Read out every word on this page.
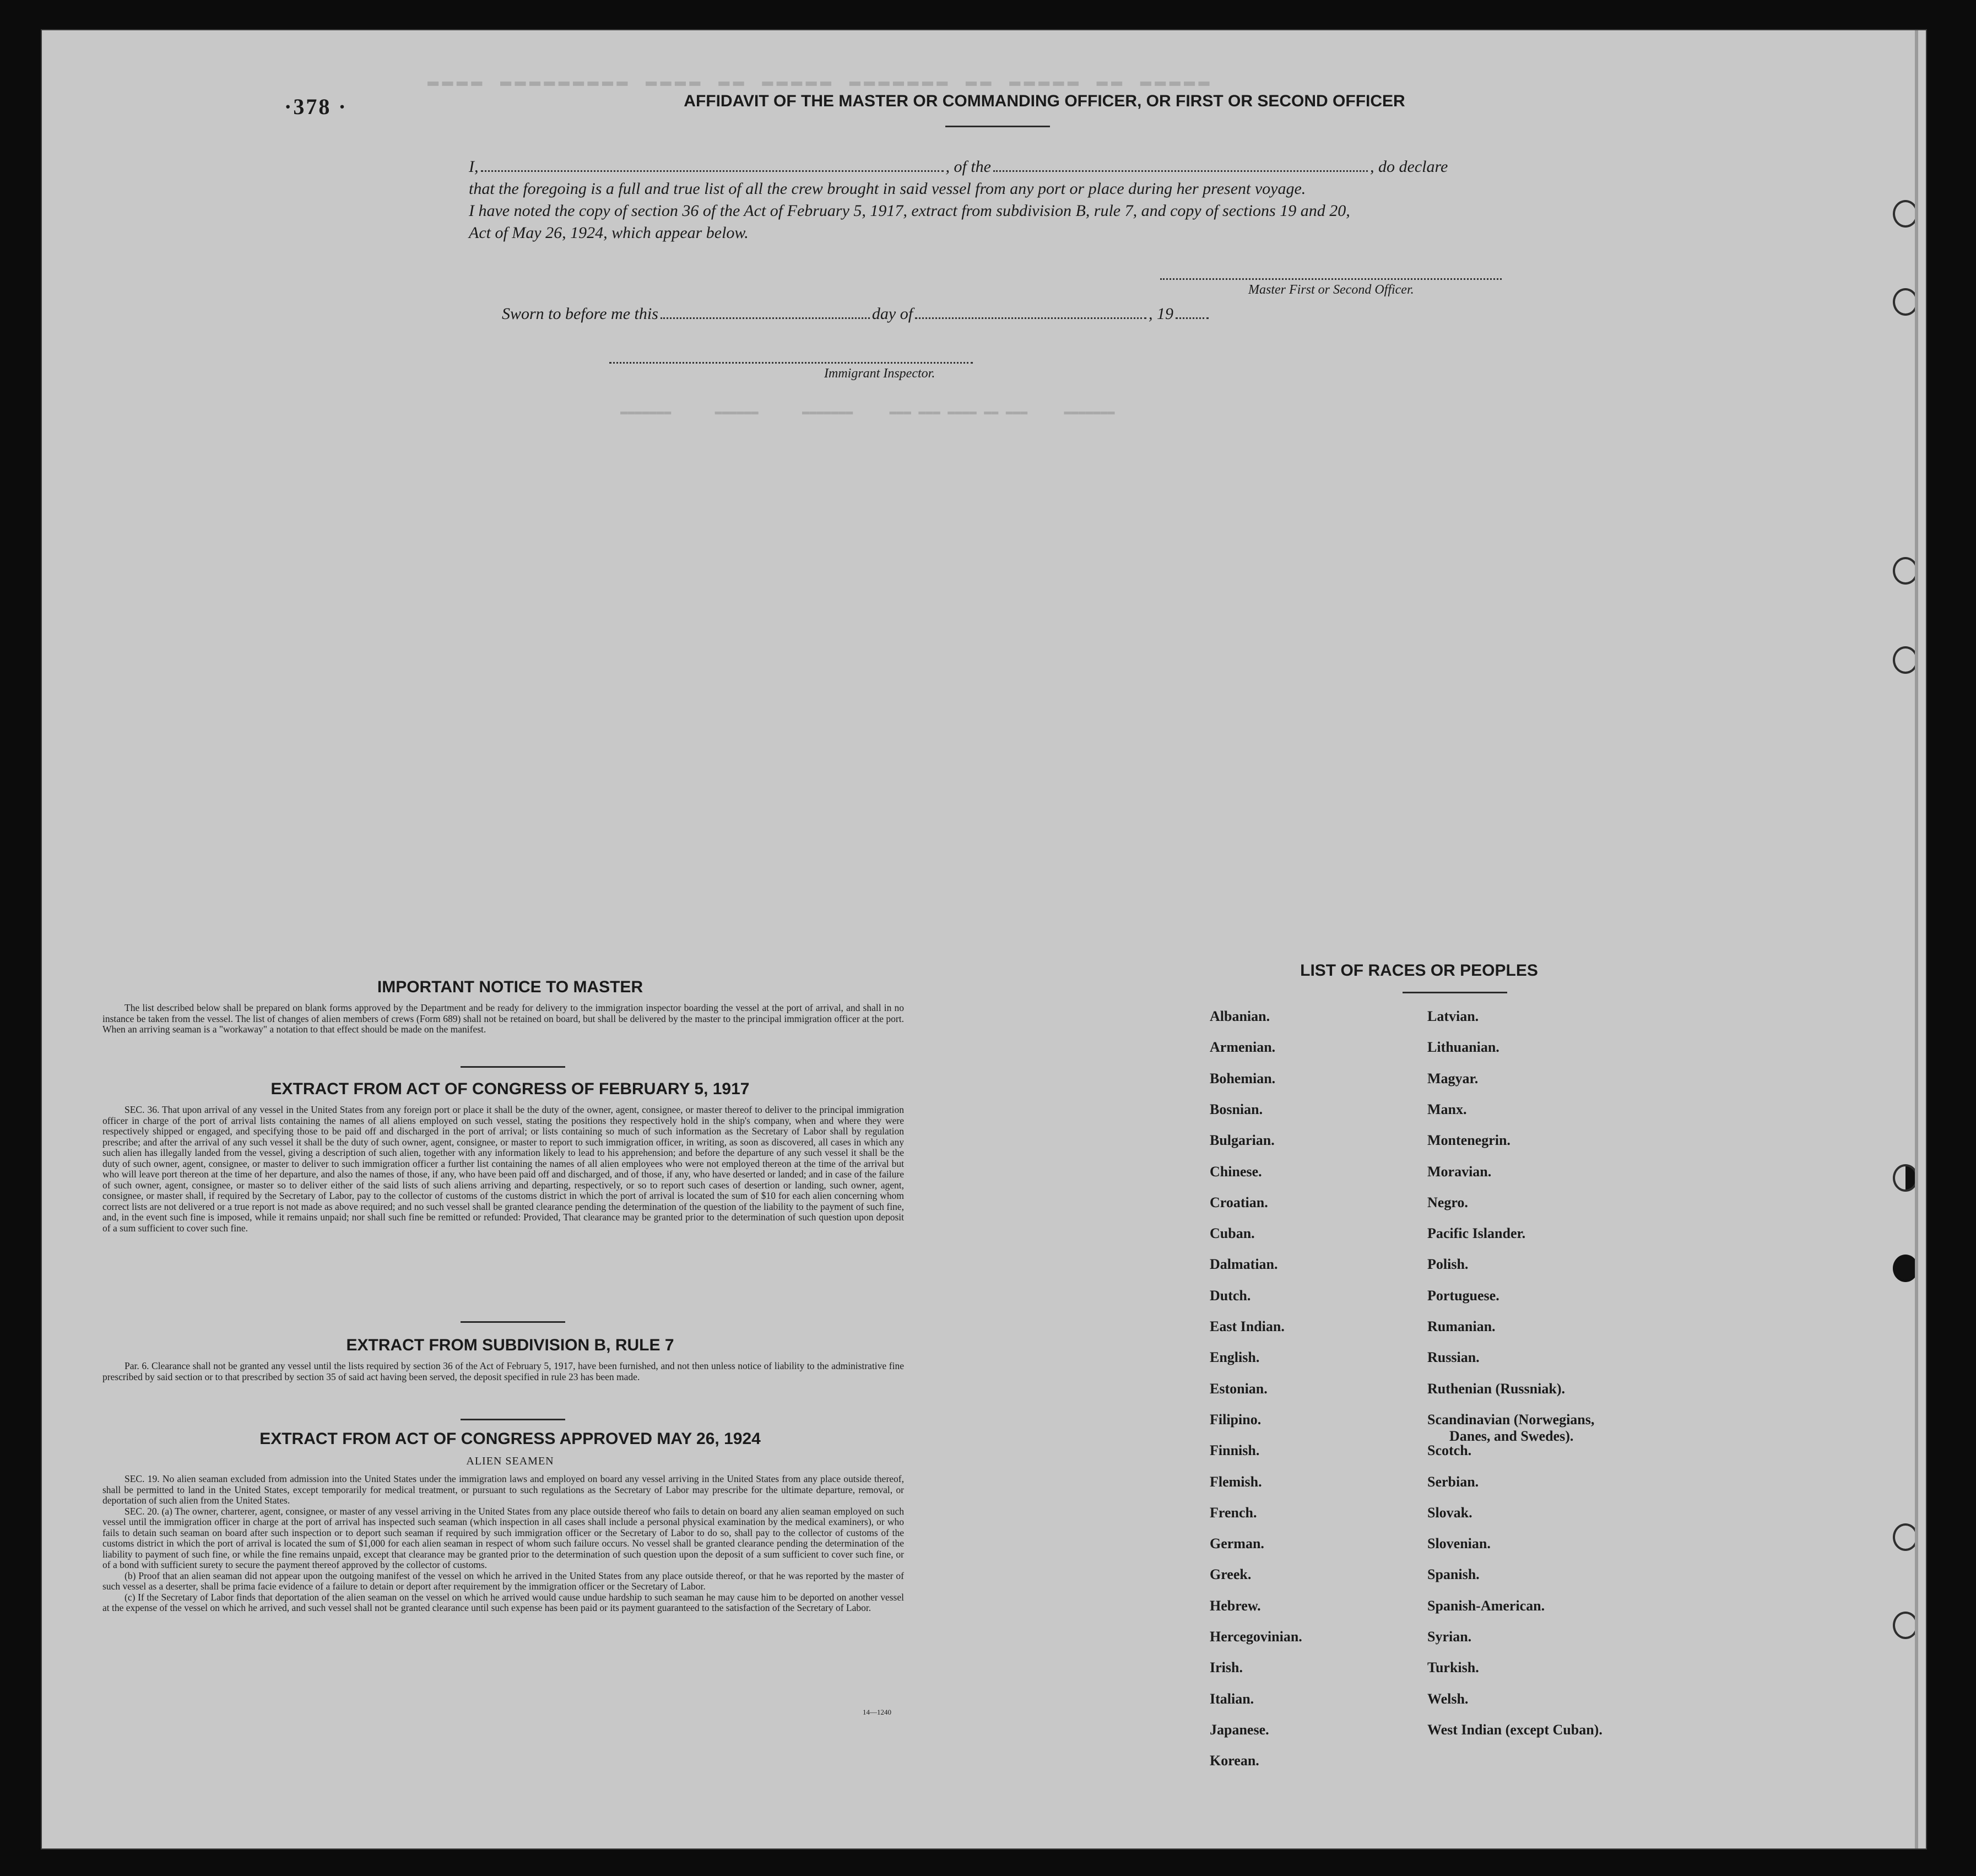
▬▬▬▬ ▬▬▬▬▬▬▬▬▬ ▬▬▬▬ ▬▬ ▬▬▬▬▬ ▬▬▬▬▬▬▬ ▬▬ ▬▬▬▬▬ ▬▬ ▬▬▬▬▬
▬▬▬▬▬▬▬      ▬▬▬▬▬▬      ▬▬▬▬▬▬▬     ▬▬▬ ▬▬▬ ▬▬▬▬ ▬▬ ▬▬▬     ▬▬▬▬▬▬▬
·378 ·	AFFIDAVIT OF THE MASTER OR COMMANDING OFFICER, OR FIRST OR SECOND OFFICER
I,	, of the	, do declare
that the foregoing is a full and true list of all the crew brought in said vessel from any port or place during her present voyage.
I have noted the copy of section 36 of the Act of February 5, 1917, extract from subdivision B, rule 7, and copy of sections 19 and 20,
Act of May 26, 1924, which appear below.
Master First or Second Officer.
Sworn to before me this	day of	, 19
Immigrant Inspector.
IMPORTANT NOTICE TO MASTER

The list described below shall be prepared on blank forms approved by the Department and be ready for delivery to the immigration inspector boarding the vessel at the port of arrival, and shall in no instance be taken from the vessel. The list of changes of alien members of crews (Form 689) shall not be retained on board, but shall be delivered by the master to the principal immigration officer at the port. When an arriving seaman is a "workaway" a notation to that effect should be made on the manifest.

EXTRACT FROM ACT OF CONGRESS OF FEBRUARY 5, 1917

SEC. 36. That upon arrival of any vessel in the United States from any foreign port or place it shall be the duty of the owner, agent, consignee, or master thereof to deliver to the principal immigration officer in charge of the port of arrival lists containing the names of all aliens employed on such vessel, stating the positions they respectively hold in the ship's company, when and where they were respectively shipped or engaged, and specifying those to be paid off and discharged in the port of arrival; or lists containing so much of such information as the Secretary of Labor shall by regulation prescribe; and after the arrival of any such vessel it shall be the duty of such owner, agent, consignee, or master to report to such immigration officer, in writing, as soon as discovered, all cases in which any such alien has illegally landed from the vessel, giving a description of such alien, together with any information likely to lead to his apprehension; and before the departure of any such vessel it shall be the duty of such owner, agent, consignee, or master to deliver to such immigration officer a further list containing the names of all alien employees who were not employed thereon at the time of the arrival but who will leave port thereon at the time of her departure, and also the names of those, if any, who have been paid off and discharged, and of those, if any, who have deserted or landed; and in case of the failure of such owner, agent, consignee, or master so to deliver either of the said lists of such aliens arriving and departing, respectively, or so to report such cases of desertion or landing, such owner, agent, consignee, or master shall, if required by the Secretary of Labor, pay to the collector of customs of the customs district in which the port of arrival is located the sum of $10 for each alien concerning whom correct lists are not delivered or a true report is not made as above required; and no such vessel shall be granted clearance pending the determination of the question of the liability to the payment of such fine, and, in the event such fine is imposed, while it remains unpaid; nor shall such fine be remitted or refunded: Provided, That clearance may be granted prior to the determination of such question upon deposit of a sum sufficient to cover such fine.

EXTRACT FROM SUBDIVISION B, RULE 7

Par. 6. Clearance shall not be granted any vessel until the lists required by section 36 of the Act of February 5, 1917, have been furnished, and not then unless notice of liability to the administrative fine prescribed by said section or to that prescribed by section 35 of said act having been served, the deposit specified in rule 23 has been made.

EXTRACT FROM ACT OF CONGRESS APPROVED MAY 26, 1924
ALIEN SEAMEN

SEC. 19. No alien seaman excluded from admission into the United States under the immigration laws and employed on board any vessel arriving in the United States from any place outside thereof, shall be permitted to land in the United States, except temporarily for medical treatment, or pursuant to such regulations as the Secretary of Labor may prescribe for the ultimate departure, removal, or deportation of such alien from the United States.

SEC. 20. (a) The owner, charterer, agent, consignee, or master of any vessel arriving in the United States from any place outside thereof who fails to detain on board any alien seaman employed on such vessel until the immigration officer in charge at the port of arrival has inspected such seaman (which inspection in all cases shall include a personal physical examination by the medical examiners), or who fails to detain such seaman on board after such inspection or to deport such seaman if required by such immigration officer or the Secretary of Labor to do so, shall pay to the collector of customs of the customs district in which the port of arrival is located the sum of $1,000 for each alien seaman in respect of whom such failure occurs. No vessel shall be granted clearance pending the determination of the liability to payment of such fine, or while the fine remains unpaid, except that clearance may be granted prior to the determination of such question upon the deposit of a sum sufficient to cover such fine, or of a bond with sufficient surety to secure the payment thereof approved by the collector of customs.

(b) Proof that an alien seaman did not appear upon the outgoing manifest of the vessel on which he arrived in the United States from any place outside thereof, or that he was reported by the master of such vessel as a deserter, shall be prima facie evidence of a failure to detain or deport after requirement by the immigration officer or the Secretary of Labor.

(c) If the Secretary of Labor finds that deportation of the alien seaman on the vessel on which he arrived would cause undue hardship to such seaman he may cause him to be deported on another vessel at the expense of the vessel on which he arrived, and such vessel shall not be granted clearance until such expense has been paid or its payment guaranteed to the satisfaction of the Secretary of Labor.

14—1240
LIST OF RACES OR PEOPLES
Albanian.
Armenian.
Bohemian.
Bosnian.
Bulgarian.
Chinese.
Croatian.
Cuban.
Dalmatian.
Dutch.
East Indian.
English.
Estonian.
Filipino.
Finnish.
Flemish.
French.
German.
Greek.
Hebrew.
Hercegovinian.
Irish.
Italian.
Japanese.
Korean.
Latvian.
Lithuanian.
Magyar.
Manx.
Montenegrin.
Moravian.
Negro.
Pacific Islander.
Polish.
Portuguese.
Rumanian.
Russian.
Ruthenian (Russniak).
Scandinavian (Norwegians,
Danes, and Swedes).
Scotch.
Serbian.
Slovak.
Slovenian.
Spanish.
Spanish-American.
Syrian.
Turkish.
Welsh.
West Indian (except Cuban).
